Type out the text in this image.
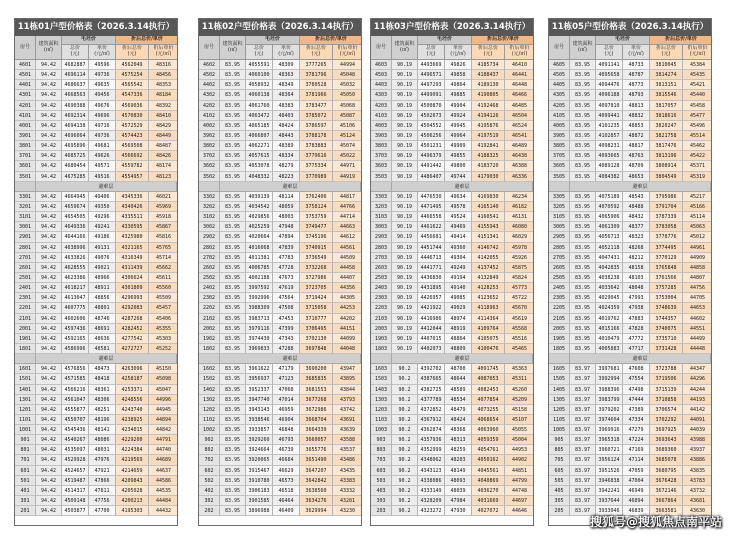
11栋01户型价格表（2026.3.14执行）
房号	建筑面积
(㎡)
毛坯价	折后总价/单价
总价
(元)
单价
(元/㎡)
折后总价
(元)
折后单价
(元/㎡)
4601	94.42	4682887	49596	4562049	48316
4501	94.42	4696114	49736	4575254	48456
4401	94.42	4686637	49635	4565542	48353
4301	94.42	4668563	49456	4547336	48184
4201	94.42	4690388	49676	4569036	48392
4101	94.42	4692314	49696	4570830	48410
4001	94.42	4694138	49716	4572529	48429
3901	94.42	4696064	49736	4574423	48449
3801	94.42	4695896	49681	4569508	48487
3701	94.42	4685725	49626	4566692	48426
3601	94.42	4680454	49571	4559782	48174
3501	94.42	4675285	49516	4554957	48123
避难层
3301	94.42	4664945	49406	4345336	46021
3201	94.42	4659674	49350	4340426	45969
3101	94.42	4654505	49296	4335511	45918
3001	94.42	4649336	49241	4330595	45867
2901	94.42	4644166	49186	4325980	45816
2801	94.42	4638996	49131	4321165	45765
2701	94.42	4633826	49076	4316349	45714
2601	94.42	4628555	49021	4311439	45662
2501	94.42	4623386	48966	4306624	45611
2401	94.42	4618217	48911	4301809	45560
2301	94.42	4613047	48856	4296993	45509
2201	94.42	4607775	48801	4292083	45457
2101	94.42	4602606	48746	4287268	45406
2001	94.42	4597436	48691	4282452	45355
1901	94.42	4592165	48636	4277542	45303
1801	94.42	4586996	48581	4272727	45252
避难层
1601	94.42	4576856	48473	4263096	45150
1501	94.42	4571585	48418	4258187	45098
1401	94.42	4566216	48361	4253371	45047
1301	94.42	4561047	48306	4248556	44996
1201	94.42	4555877	48251	4243740	44945
1101	94.42	4550707	48196	4238925	44894
1001	94.42	4545436	48141	4234015	44842
901	94.42	4540267	48086	4229200	44791
801	94.42	4535097	48031	4224384	44740
701	94.42	4529928	47976	4219569	44689
601	94.42	4524657	47921	4214659	44637
501	94.42	4519487	47866	4209843	44586
401	94.42	4514317	47811	4205028	44535
301	94.42	4509148	47756	4200213	44484
201	94.42	4503877	47700	4195303	44432
11栋02户型价格表（2026.3.14执行）
房号	建筑面积
(㎡)
毛坯价	折后总价/单价
总价
(元)
单价
(元/㎡)
折后总价
(元)
折后单价
(元/㎡)
4602	83.95	4055591	48309	3777265	44994
4502	83.95	4060100	48363	3781796	45048
4402	83.95	4058932	48349	3780528	45032
4302	83.95	4060138	48364	3781966	45050
4202	83.95	4061760	48383	3783477	45068
4102	83.95	4063472	48403	3785072	45087
4002	83.95	4065185	48424	3786597	45106
3902	83.95	4066807	48443	3788178	45124
3802	83.95	4062271	48389	3783883	45074
3702	83.95	4057615	48334	3779616	45022
3602	83.95	4053078	48279	3775334	44971
3502	83.95	4048332	48223	3770989	44919
避难层
3302	83.95	4039139	48114	3762406	44817
3202	83.95	4034542	48059	3758124	44766
3102	83.95	4029856	48003	3753759	44714
3002	83.95	4025259	47948	3749477	44663
2902	83.95	4020664	47894	3745196	44612
2802	83.95	4016068	47839	3740915	44561
2702	83.95	4011381	47783	3736549	44509
2602	83.95	4006785	47728	3732268	44458
2502	83.95	4002188	47673	3727986	44407
2402	83.95	3997592	47619	3723705	44356
2302	83.95	3992996	47564	3719424	44305
2202	83.95	3988309	47508	3715058	44253
2102	83.95	3983713	47453	3710777	44202
2002	83.95	3979116	47399	3706495	44151
1902	83.95	3974430	47343	3702130	44099
1802	83.95	3969833	47288	3697848	44048
避难层
1602	83.95	3961622	47179	3690200	43947
1502	83.95	3956937	47123	3685835	43895
1402	83.95	3952337	47068	3681553	43844
1302	83.95	3947740	47014	3677268	43793
1202	83.95	3943143	46959	3672986	43742
1102	83.95	3938546	46904	3668704	43691
1002	83.95	3933857	46848	3664339	43639
902	83.95	3929260	46793	3660057	43588
802	83.95	3924664	46739	3655776	43537
702	83.95	3920065	46684	3651490	43486
602	83.95	3915467	46629	3647207	43435
502	83.95	3910780	46573	3642842	43383
402	83.95	3906183	46518	3638560	43332
302	83.95	3901585	46464	3634276	43281
202	83.95	3896988	46409	3629994	43230
11栋03户型价格表（2026.3.14执行）
房号	建筑面积
(㎡)
毛坯价	折后总价/单价
总价
(元)
单价
(元/㎡)
折后总价
(元)
折后单价
(元/㎡)
4603	90.19	4493669	49826	4185734	46410
4503	90.19	4496571	49858	4188437	46441
4403	90.19	4497293	49864	4189130	46448
4303	90.19	4499091	49885	4190805	46466
4203	90.19	4500870	49904	4192468	46485
4103	90.19	4502673	49924	4194126	46504
4003	90.19	4504552	49945	4195876	46524
3903	90.19	4506256	49964	4197519	46541
3803	90.19	4501231	49909	4192841	46489
3703	90.19	4496379	49855	4188325	46438
3603	90.19	4491442	49800	4183720	46388
3503	90.19	4486407	49744	4179030	46336
避难层
3303	90.19	4476530	49634	4169830	46234
3203	90.19	4471495	49578	4165140	46182
3103	90.19	4466558	49524	4160541	46131
3003	90.19	4461622	49469	4155943	46080
2903	90.19	4456681	49414	4151341	46029
2803	90.19	4451744	49360	4146742	45978
2703	90.19	4446713	49304	4142055	45926
2603	90.19	4441771	49249	4137452	45875
2503	90.19	4436830	49194	4132849	45824
2403	90.19	4431895	49140	4128253	45773
2303	90.19	4426957	49085	4123652	45722
2203	90.19	4421922	49029	4118963	45670
2103	90.19	4416986	48974	4114364	45619
2003	90.19	4412044	48919	4109764	45568
1903	90.19	4407015	48864	4105075	45516
1803	90.19	4402073	48809	4100476	45465
避难层
1603	90.2	4392702	48700	4091745	45363
1503	90.2	4387665	48644	4087053	45311
1403	90.2	4382725	48589	4082453	45260
1303	90.2	4377789	48534	4077854	45209
1203	90.2	4372852	48479	4073255	45158
1103	90.2	4367912	48424	4068654	45107
1003	90.2	4362874	48368	4063960	45055
903	90.2	4357936	48313	4059359	45004
803	90.2	4352999	48259	4054761	44953
703	90.2	4348062	48203	4050162	44902
603	90.2	4343123	48149	4045561	44851
503	90.2	4338086	48093	4040869	44799
403	90.2	4333149	48039	4036270	44748
303	90.2	4328209	47984	4031669	44697
203	90.2	4323272	47930	4027072	44646
11栋05户型价格表（2026.3.14执行）
房号	建筑面积
(㎡)
毛坯价	折后总价/单价
总价
(元)
单价
(元/㎡)
折后总价
(元)
折后单价
(元/㎡)
4605	83.95	4091141	48733	3810045	45384
4505	83.95	4095658	48787	3814274	45435
4405	83.95	4094476	48773	3813151	45421
4305	83.95	4096188	48793	3815546	45440
4205	83.95	4097810	48813	3817057	45458
4105	83.95	4099441	48832	3818616	45477
4005	83.95	4101235	48853	3820247	45496
3905	83.95	4102857	48872	3821758	45514
3805	83.95	4098231	48817	3817476	45462
3705	83.95	4093665	48763	3813196	45422
3605	83.95	4089128	48709	3808914	45371
3505	83.95	4084382	48653	3804549	45319
避难层
3305	83.95	4075189	48543	3795986	45217
3205	83.95	4070592	48488	3791704	45166
3105	83.95	4065906	48432	3787339	45114
3005	83.95	4061309	48377	3783058	45063
2905	83.95	4056713	48323	3778776	45012
2805	83.95	4052118	48268	3774495	44961
2705	83.95	4047431	48212	3770129	44909
2605	83.95	4042835	48158	3765848	44858
2505	83.95	4038238	48103	3761566	44807
2405	83.95	4033642	48048	3757285	44756
2305	83.95	4029045	47993	3753004	44705
2205	83.95	4024359	47938	3748639	44653
2105	83.95	4019762	47883	3744357	44602
2005	83.95	4015166	47828	3740075	44551
1905	83.95	4010479	47772	3735710	44499
1805	83.95	4005883	47717	3731428	44448
避难层
1605	83.97	3997681	47608	3723788	44347
1505	83.97	3992994	47554	3719506	44296
1405	83.97	3988396	47498	3715139	44244
1305	83.97	3983799	47444	3710858	44193
1205	83.97	3979202	47389	3706574	44142
1105	83.97	3974604	47334	3702292	44091
1005	83.97	3969916	47279	3697925	44039
905	83.97	3965318	47224	3693643	43988
805	83.97	3960721	47169	3689360	43937
705	83.97	3956124	47114	3685078	43886
605	83.97	3951526	47059	3680795	43835
505	83.97	3946838	47004	3676428	43783
405	83.97	3942241	46949	3672146	43732
305	83.97	3937644	46894	3667864	43681
205	83.97	3933046	46839	3663581	43630
搜狐号@搜狐焦点南平站
